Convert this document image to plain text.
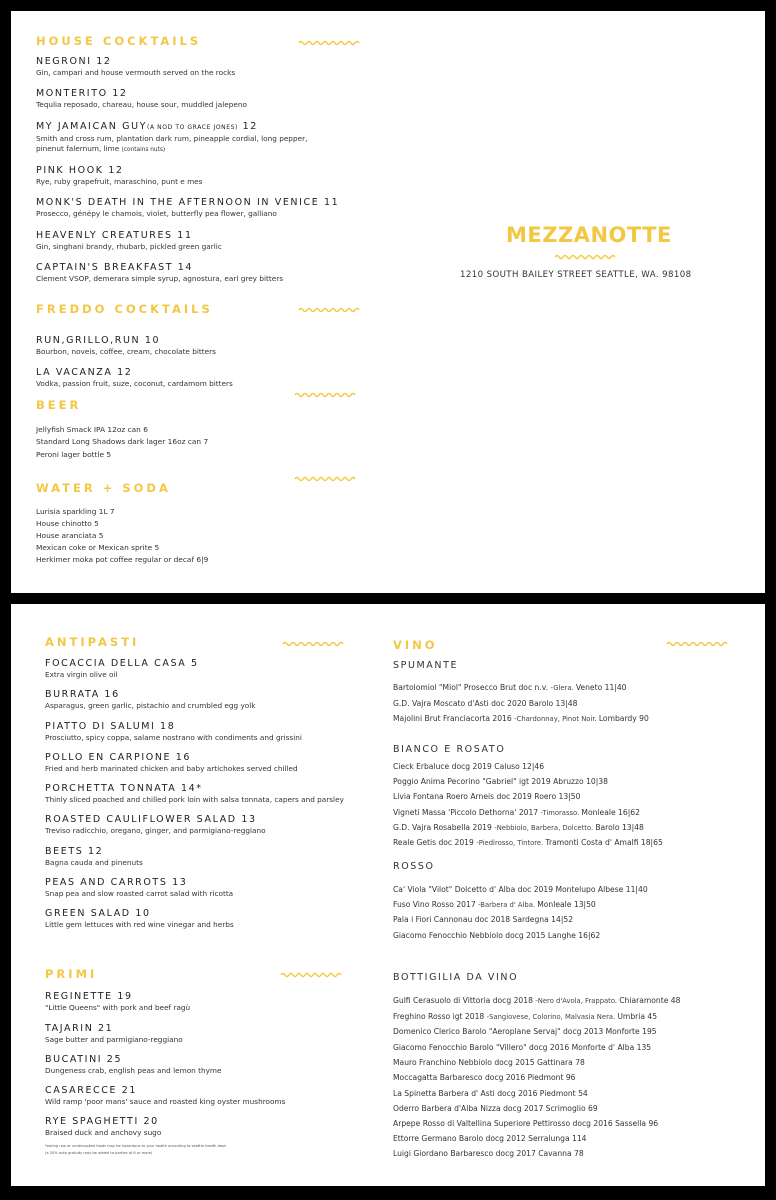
HOUSE COCKTAILS
NEGRONI 12
Gin, campari and house vermouth served on the rocks
MONTERITO 12
Tequlia reposado, chareau, house sour, muddled jalepeno
MY JAMAICAN GUY(A NOD TO GRACE JONES) 12
Smith and cross rum, plantation dark rum, pineapple cordial, long pepper, pinenut falernum, lime (contains nuts)
PINK HOOK 12
Rye, ruby grapefruit, maraschino, punt e mes
MONK'S DEATH IN THE AFTERNOON IN VENICE 11
Prosecco, génépy le chamois, violet, butterfly pea flower, galliano
HEAVENLY CREATURES 11
Gin, singhani brandy, rhubarb, pickled green garlic
CAPTAIN'S BREAKFAST 14
Clement VSOP, demerara simple syrup, agnostura, earl grey bitters
FREDDO COCKTAILS
RUN,GRILLO,RUN 10
Bourbon, noveis, coffee, cream, chocolate bitters
LA VACANZA 12
Vodka, passion fruit, suze, coconut, cardamom bitters
BEER
Jellyfish Smack IPA 12oz can 6
Standard Long Shadows dark lager 16oz can 7
Peroni lager bottle 5
WATER + SODA
Lurisia sparkling 1L 7
House chinotto 5
House aranciata 5
Mexican coke or Mexican sprite 5
Herkimer moka pot coffee regular or decaf 6|9
MEZZANOTTE
1210 SOUTH BAILEY STREET SEATTLE, WA. 98108
ANTIPASTI
FOCACCIA DELLA CASA 5
Extra virgin olive oil
BURRATA 16
Asparagus, green garlic, pistachio and crumbled egg yolk
PIATTO DI SALUMI 18
Prosciutto, spicy coppa, salame nostrano with condiments and grissini
POLLO EN CARPIONE 16
Fried and herb marinated chicken and baby artichokes served chilled
PORCHETTA TONNATA 14*
Thinly sliced poached and chilled pork loin with salsa tonnata, capers and parsley
ROASTED CAULIFLOWER SALAD 13
Treviso radicchio, oregano, ginger, and parmigiano-reggiano
BEETS 12
Bagna cauda and pinenuts
PEAS AND CARROTS 13
Snap pea and slow roasted carrot salad with ricotta
GREEN SALAD 10
Little gem lettuces with red wine vinegar and herbs
PRIMI
REGINETTE 19
"Little Queens" with pork and beef ragù
TAJARIN 21
Sage butter and parmigiano-reggiano
BUCATINI 25
Dungeness crab, english peas and lemon thyme
CASARECCE 21
Wild ramp 'poor mans' sauce and roasted king oyster mushrooms
RYE SPAGHETTI 20
Braised duck and anchovy sugo
*eating raw or undercooked foods may be hazardous to your health according to seattle health dept.
(a 20% auto gratuity may be added to parties of 6 or more)
VINO
SPUMANTE
Bartolomiol "Miol" Prosecco Brut doc n.v. -Glera. Veneto 11|40
G.D. Vajra Moscato d'Asti doc 2020 Barolo 13|48
Majolini Brut Franciacorta 2016 -Chardonnay, Pinot Noir. Lombardy 90
BIANCO E ROSATO
Cieck Erbaluce docg 2019 Caluso 12|46
Poggio Anima Pecorino "Gabriel" igt 2019 Abruzzo 10|38
Livia Fontana Roero Arneis doc 2019 Roero 13|50
Vigneti Massa 'Piccolo Dethorna' 2017 -Timorasso. Monleale 16|62
G.D. Vajra Rosabella 2019 -Nebbiolo, Barbera, Dolcetto. Barolo 13|48
Reale Getis doc 2019 -Piedirosso, Tintore. Tramonti Costa d' Amalfi 18|65
ROSSO
Ca' Viola "Vilot" Dolcetto d' Alba doc 2019 Montelupo Albese 11|40
Fuso Vino Rosso 2017 -Barbera d' Alba. Monleale 13|50
Pala i Fiori Cannonau doc 2018 Sardegna 14|52
Giacomo Fenocchio Nebbiolo docg 2015 Langhe 16|62
BOTTIGILIA DA VINO
Gulfi Cerasuolo di Vittoria docg 2018 -Nero d'Avola, Frappato. Chiaramonte 48
Freghino Rosso igt 2018 -Sangiovese, Colorino, Malvasia Nera. Umbria 45
Domenico Clerico Barolo "Aeroplane Servaj" docg 2013 Monforte 195
Giacomo Fenocchio Barolo "Villero" docg 2016 Monforte d' Alba 135
Mauro Franchino Nebbiolo docg 2015 Gattinara 78
Moccagatta Barbaresco docg 2016 Piedmont 96
La Spinetta Barbera d' Asti docg 2016 Piedmont 54
Oderro Barbera d'Alba Nizza docg 2017 Scrimoglio 69
Arpepe Rosso di Valtellina Superiore Pettirosso docg 2016 Sassella 96
Ettorre Germano Barolo docg 2012 Serralunga 114
Luigi Giordano Barbaresco docg 2017 Cavanna 78
